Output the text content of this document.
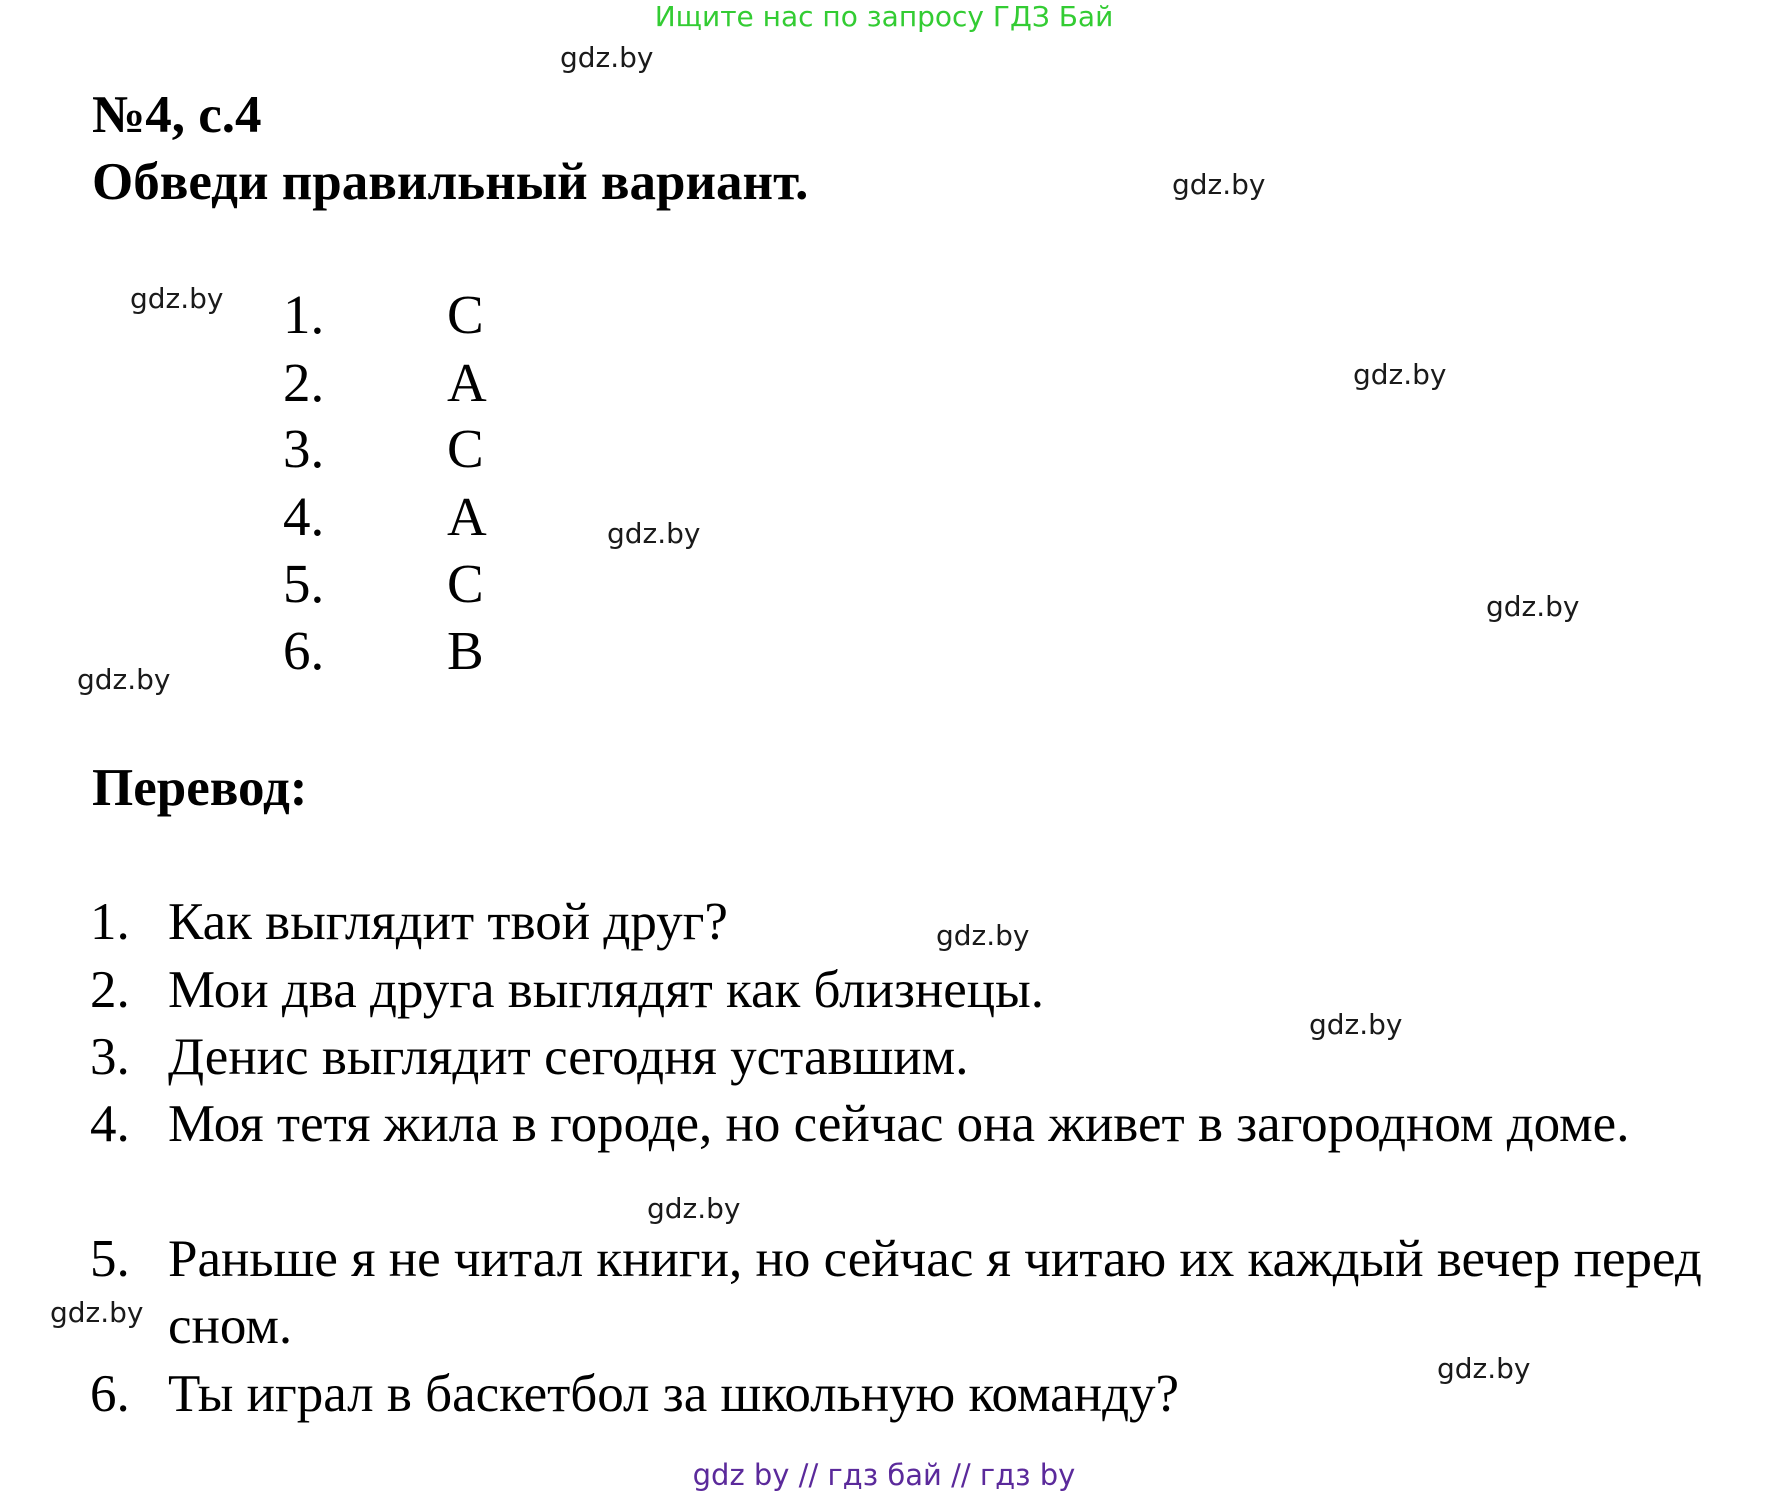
Ищите нас по запросу ГДЗ Бай
gdz.by
gdz.by
gdz.by
gdz.by
gdz.by
gdz.by
gdz.by
gdz.by
gdz.by
gdz.by
gdz.by
gdz.by
№4, с.4
Обведи правильный вариант.
1. C
2. A
3. C
4. A
5. C
6. B
Перевод:
1. Как выглядит твой друг?
2. Мои два друга выглядят как близнецы.
3. Денис выглядит сегодня уставшим.
4. Моя тетя жила в городе, но сейчас она живет в загородном доме.
5. Раньше я не читал книги, но сейчас я читаю их каждый вечер перед сном.
6. Ты играл в баскетбол за школьную команду?
gdz by // гдз бай // гдз by
